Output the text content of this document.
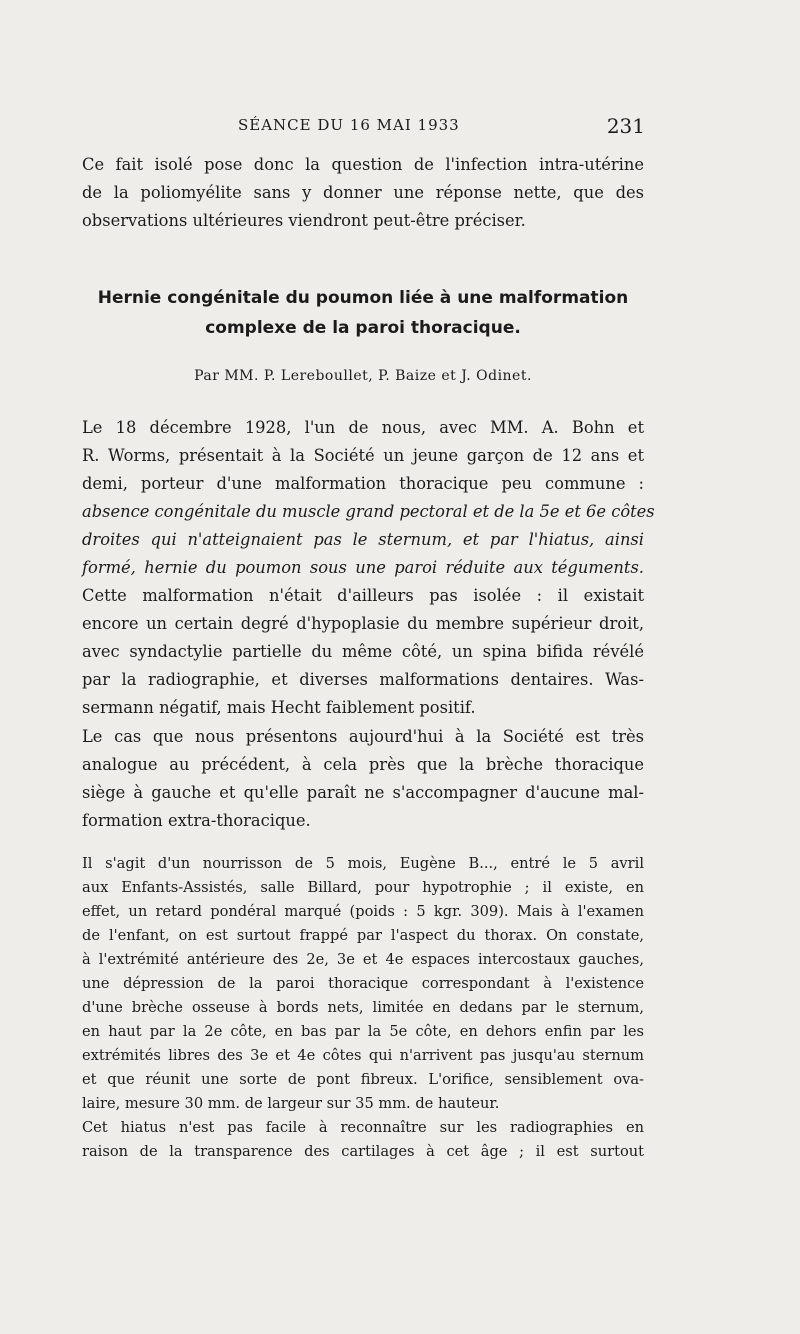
SÉANCE DU 16 MAI 1933	231
Ce fait isolé pose donc la question de l'infection intra-utérine
de la poliomyélite sans y donner une réponse nette, que des
observations ultérieures viendront peut-être préciser.
Hernie congénitale du poumon liée à une malformation
complexe de la paroi thoracique.
Par MM. P. Lereboullet, P. Baize et J. Odinet.
Le 18 décembre 1928, l'un de nous, avec MM. A. Bohn et
R. Worms, présentait à la Société un jeune garçon de 12 ans et
demi, porteur d'une malformation thoracique peu commune :
absence congénitale du muscle grand pectoral et de la 5e et 6e côtes
droites qui n'atteignaient pas le sternum, et par l'hiatus, ainsi
formé, hernie du poumon sous une paroi réduite aux téguments.
Cette malformation n'était d'ailleurs pas isolée : il existait
encore un certain degré d'hypoplasie du membre supérieur droit,
avec syndactylie partielle du même côté, un spina bifida révélé
par la radiographie, et diverses malformations dentaires. Was-
sermann négatif, mais Hecht faiblement positif.
Le cas que nous présentons aujourd'hui à la Société est très
analogue au précédent, à cela près que la brèche thoracique
siège à gauche et qu'elle paraît ne s'accompagner d'aucune mal-
formation extra-thoracique.
Il s'agit d'un nourrisson de 5 mois, Eugène B..., entré le 5 avril
aux Enfants-Assistés, salle Billard, pour hypotrophie ; il existe, en
effet, un retard pondéral marqué (poids : 5 kgr. 309). Mais à l'examen
de l'enfant, on est surtout frappé par l'aspect du thorax. On constate,
à l'extrémité antérieure des 2e, 3e et 4e espaces intercostaux gauches,
une dépression de la paroi thoracique correspondant à l'existence
d'une brèche osseuse à bords nets, limitée en dedans par le sternum,
en haut par la 2e côte, en bas par la 5e côte, en dehors enfin par les
extrémités libres des 3e et 4e côtes qui n'arrivent pas jusqu'au sternum
et que réunit une sorte de pont fibreux. L'orifice, sensiblement ova-
laire, mesure 30 mm. de largeur sur 35 mm. de hauteur.
Cet hiatus n'est pas facile à reconnaître sur les radiographies en
raison de la transparence des cartilages à cet âge ; il est surtout
